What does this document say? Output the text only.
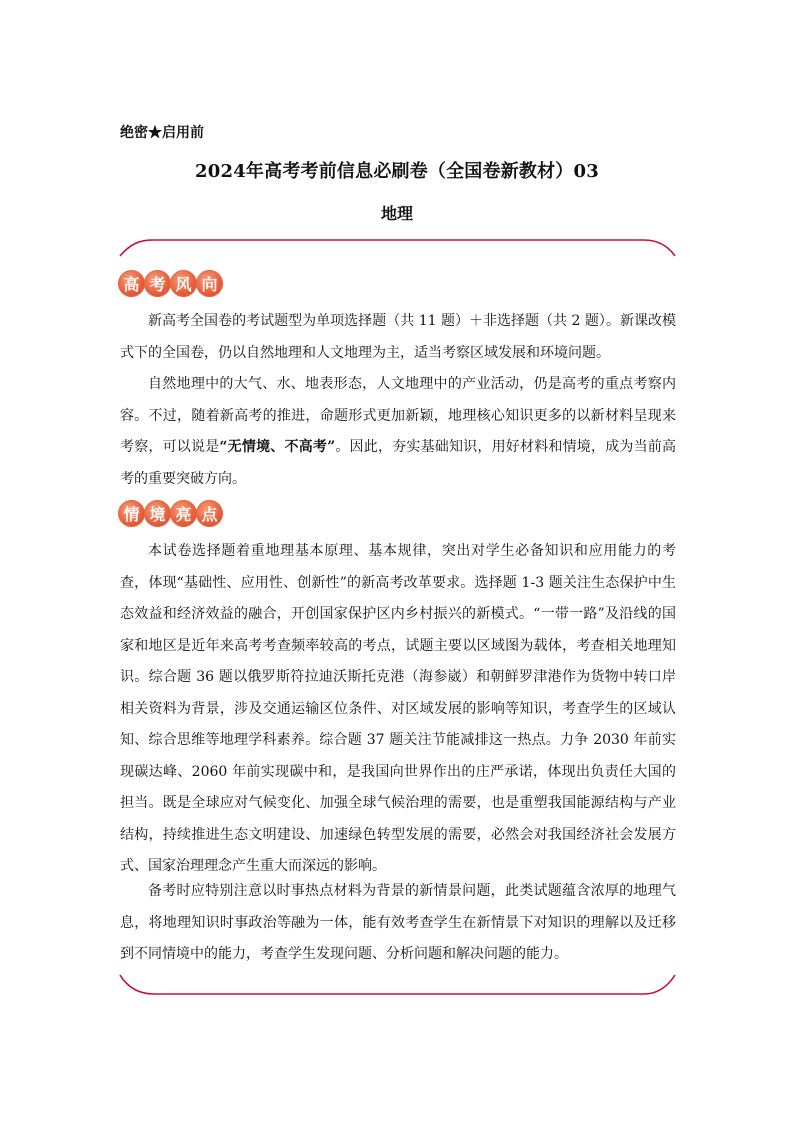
绝密★启用前
2024年高考考前信息必刷卷（全国卷新教材）03
地理
高 考 风 向

新高考全国卷的考试题型为单项选择题（共 11 题）＋非选择题（共 2 题）。新课改模式下的全国卷，仍以自然地理和人文地理为主，适当考察区域发展和环境问题。

自然地理中的大气、水、地表形态，人文地理中的产业活动，仍是高考的重点考察内容。不过，随着新高考的推进，命题形式更加新颖，地理核心知识更多的以新材料呈现来考察，可以说是“无情境、不高考”。因此，夯实基础知识，用好材料和情境，成为当前高考的重要突破方向。

情 境 亮 点

本试卷选择题着重地理基本原理、基本规律，突出对学生必备知识和应用能力的考查，体现“基础性、应用性、创新性”的新高考改革要求。选择题 1-3 题关注生态保护中生态效益和经济效益的融合，开创国家保护区内乡村振兴的新模式。“一带一路”及沿线的国家和地区是近年来高考考查频率较高的考点，试题主要以区域图为载体，考查相关地理知识。综合题 36 题以俄罗斯符拉迪沃斯托克港（海参崴）和朝鲜罗津港作为货物中转口岸相关资料为背景，涉及交通运输区位条件、对区域发展的影响等知识，考查学生的区域认知、综合思维等地理学科素养。综合题 37 题关注节能减排这一热点。力争 2030 年前实现碳达峰、2060 年前实现碳中和，是我国向世界作出的庄严承诺，体现出负责任大国的担当。既是全球应对气候变化、加强全球气候治理的需要，也是重塑我国能源结构与产业结构，持续推进生态文明建设、加速绿色转型发展的需要，必然会对我国经济社会发展方式、国家治理理念产生重大而深远的影响。

备考时应特别注意以时事热点材料为背景的新情景问题，此类试题蕴含浓厚的地理气息，将地理知识时事政治等融为一体，能有效考查学生在新情景下对知识的理解以及迁移到不同情境中的能力，考查学生发现问题、分析问题和解决问题的能力。
